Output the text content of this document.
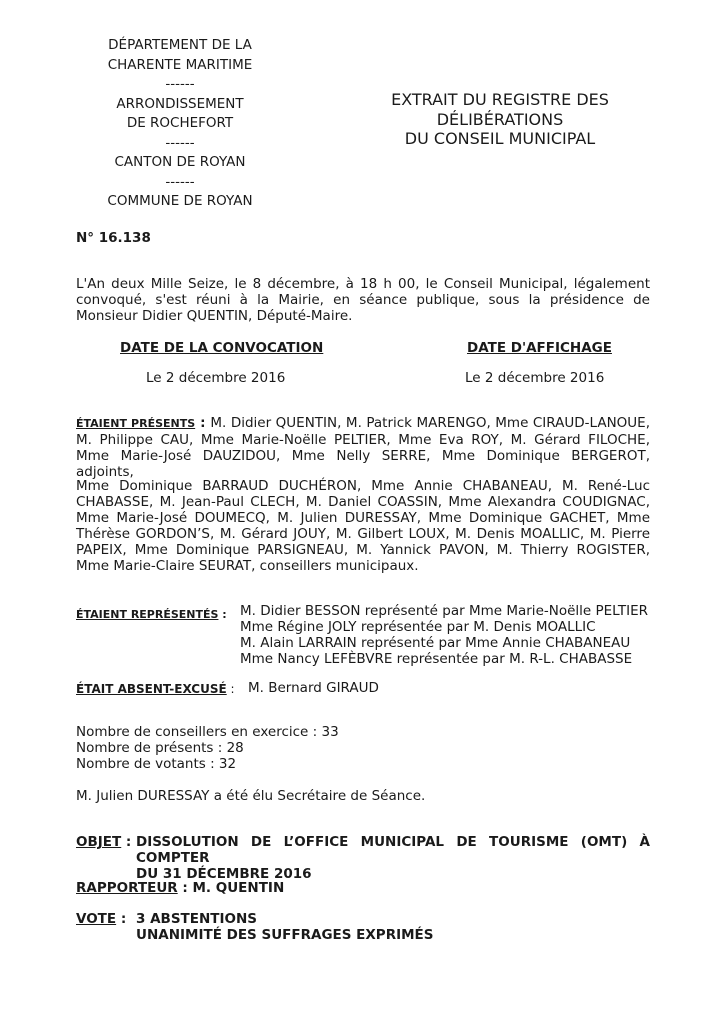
DÉPARTEMENT DE LA
CHARENTE MARITIME
------
ARRONDISSEMENT
DE ROCHEFORT
------
CANTON DE ROYAN
------
COMMUNE DE ROYAN
EXTRAIT DU REGISTRE DES
DÉLIBÉRATIONS
DU CONSEIL MUNICIPAL
N° 16.138
L'An deux Mille Seize, le 8 décembre, à 18 h 00, le Conseil Municipal, légalement convoqué, s'est réuni à la Mairie, en séance publique, sous la présidence de Monsieur Didier QUENTIN, Député-Maire.
DATE DE LA CONVOCATION
Le 2 décembre 2016
DATE D'AFFICHAGE
Le 2 décembre 2016
ÉTAIENT PRÉSENTS : M. Didier QUENTIN, M. Patrick MARENGO, Mme CIRAUD-LANOUE, M. Philippe CAU, Mme Marie-Noëlle PELTIER, Mme Eva ROY, M. Gérard FILOCHE, Mme Marie-José DAUZIDOU, Mme Nelly SERRE, Mme Dominique BERGEROT, adjoints,
Mme Dominique BARRAUD DUCHÉRON, Mme Annie CHABANEAU, M. René-Luc CHABASSE, M. Jean-Paul CLECH, M. Daniel COASSIN, Mme Alexandra COUDIGNAC, Mme Marie-José DOUMECQ, M. Julien DURESSAY, Mme Dominique GACHET, Mme Thérèse GORDON’S, M. Gérard JOUY, M. Gilbert LOUX, M. Denis MOALLIC, M. Pierre PAPEIX, Mme Dominique PARSIGNEAU, M. Yannick PAVON, M. Thierry ROGISTER, Mme Marie-Claire SEURAT, conseillers municipaux.
ÉTAIENT REPRÉSENTÉS : M. Didier BESSON représenté par Mme Marie-Noëlle PELTIER
Mme Régine JOLY représentée par M. Denis MOALLIC
M. Alain LARRAIN représenté par Mme Annie CHABANEAU
Mme Nancy LEFÈBVRE représentée par M. R-L. CHABASSE
ÉTAIT ABSENT-EXCUSÉ : M. Bernard GIRAUD
Nombre de conseillers en exercice : 33
Nombre de présents : 28
Nombre de votants : 32
M. Julien DURESSAY a été élu Secrétaire de Séance.
OBJET : DISSOLUTION DE L’OFFICE MUNICIPAL DE TOURISME (OMT) À COMPTER
DU 31 DÉCEMBRE 2016
RAPPORTEUR : M. QUENTIN
VOTE : 3 ABSTENTIONS
UNANIMITÉ DES SUFFRAGES EXPRIMÉS
